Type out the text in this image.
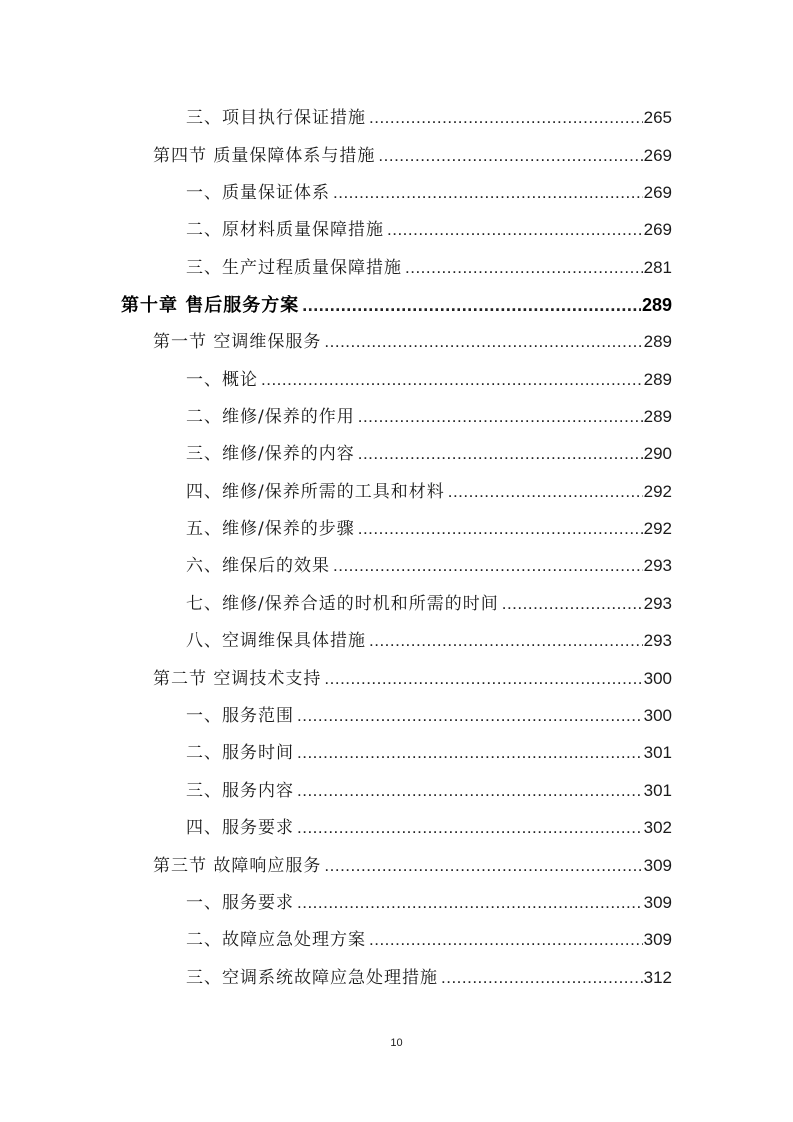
三、项目执行保证措施 .....	265
第四节 质量保障体系与措施 .....	269
一、质量保证体系 .....	269
二、原材料质量保障措施 .....	269
三、生产过程质量保障措施 .....	281
第十章 售后服务方案 .....	289
第一节 空调维保服务 .....	289
一、概论 .....	289
二、维修/保养的作用 .....	289
三、维修/保养的内容 .....	290
四、维修/保养所需的工具和材料 .....	292
五、维修/保养的步骤 .....	292
六、维保后的效果 .....	293
七、维修/保养合适的时机和所需的时间 .....	293
八、空调维保具体措施 .....	293
第二节 空调技术支持 .....	300
一、服务范围 .....	300
二、服务时间 .....	301
三、服务内容 .....	301
四、服务要求 .....	302
第三节 故障响应服务 .....	309
一、服务要求 .....	309
二、故障应急处理方案 .....	309
三、空调系统故障应急处理措施 .....	312
10
